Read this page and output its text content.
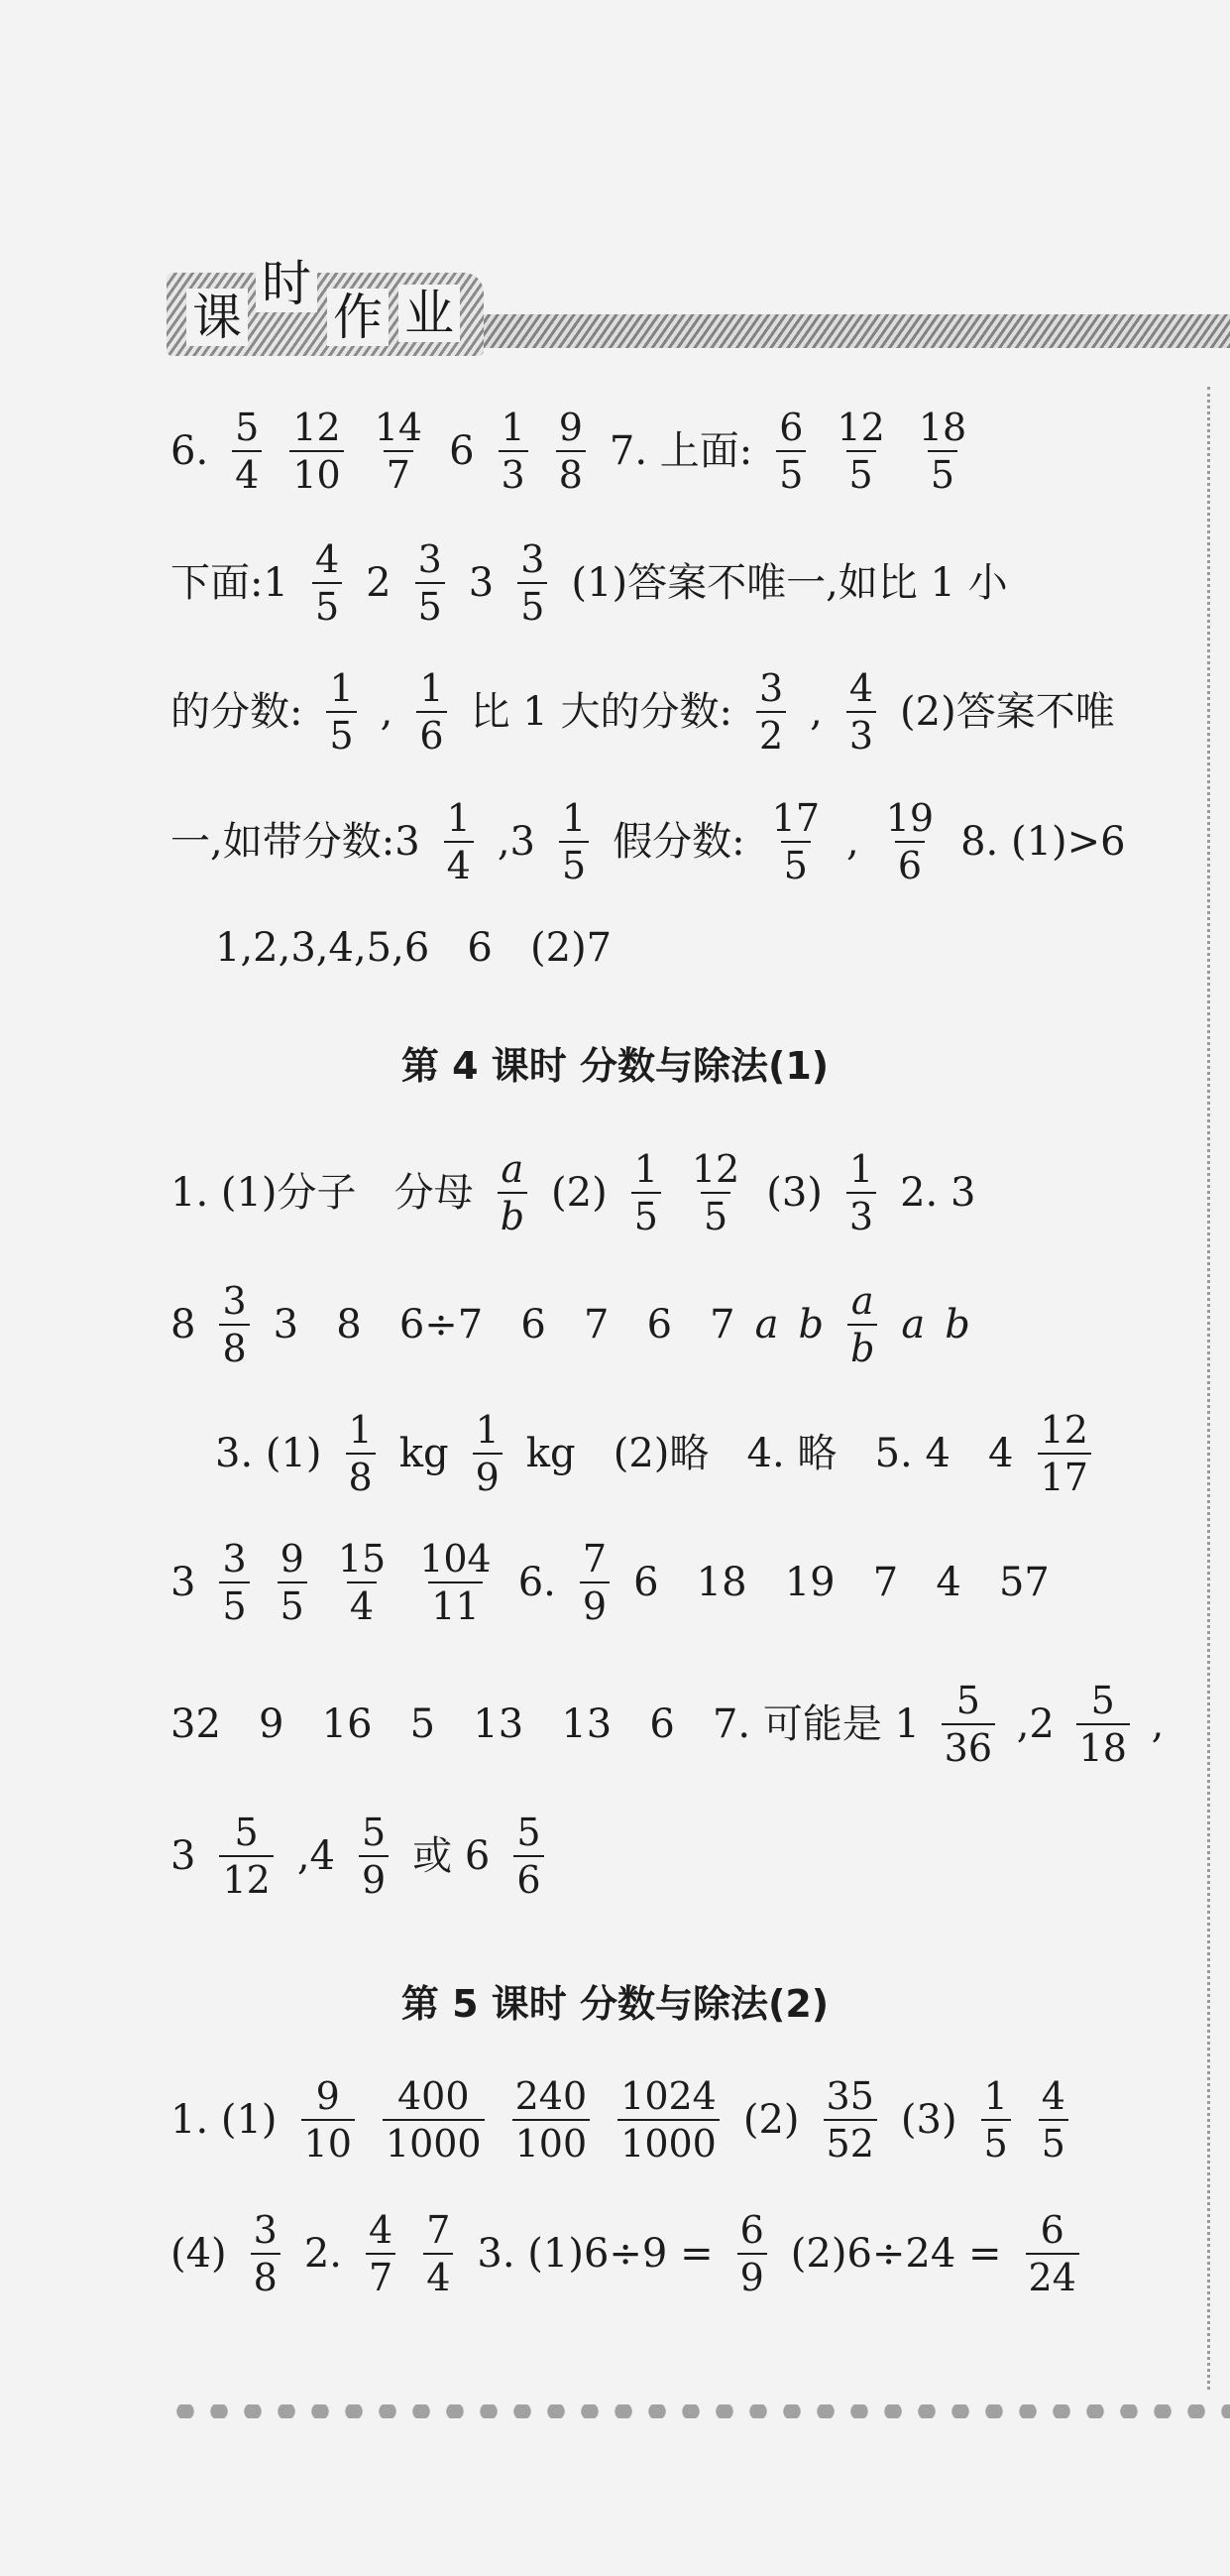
课
时
作 业
6. $\frac{5}{4} \frac{12}{10} \frac{14}{7} 6 \frac{1}{3} \frac{9}{8} 7$. 上面: $\frac{6}{5} \frac{12}{5} \frac{18}{5}$
下面:1 $\frac{4}{5} 2 \frac{3}{5} 3 \frac{3}{5} (1)$答案不唯一,如比 1 小
的分数: $\frac{1}{5}$ , $\frac{1}{6}$ 比 1 大的分数: $\frac{3}{2}$ , $\frac{4}{3} (2)$答案不唯
一,如带分数:3 $\frac{1}{4} ,3 \frac{1}{5}$ 假分数: $\frac{17}{5}$ , $\frac{19}{6} 8$. (1)>6
1,2,3,4,5,6   6   (2)7
第 4 课时 分数与除法(1)
1. (1)分子   分母 $\frac{a}{b} (2) \frac{1}{5} \frac{12}{5} (3) \frac{1}{3} 2$. 3
$8 \frac{3}{8} 3$   8   6÷7   6   7   6   7 a b $\frac{a}{b}$ a b
3. $(1) \frac{1}{8}$ kg $\frac{1}{9}$ kg   (2)略   4. 略   5. 4   $4 \frac{12}{17}$
$3 \frac{3}{5} \frac{9}{5} \frac{15}{4} \frac{104}{11} 6$. $\frac{7}{9} 6$   18   19   7   4   57
32   9   16   5   13   13   6   7. 可能是 $1 \frac{5}{36} ,2 \frac{5}{18}$ ,
$3 \frac{5}{12} ,4 \frac{5}{9}$ 或 $6 \frac{5}{6}$
第 5 课时 分数与除法(2)
1. $(1) \frac{9}{10} \frac{400}{1000} \frac{240}{100} \frac{1024}{1000} (2) \frac{35}{52} (3) \frac{1}{5} \frac{4}{5}$
$(4) \frac{3}{8} 2$. $\frac{4}{7} \frac{7}{4} 3$. $(1)6\div 9 = \frac{6}{9} (2)6\div 24 = \frac{6}{24}$
